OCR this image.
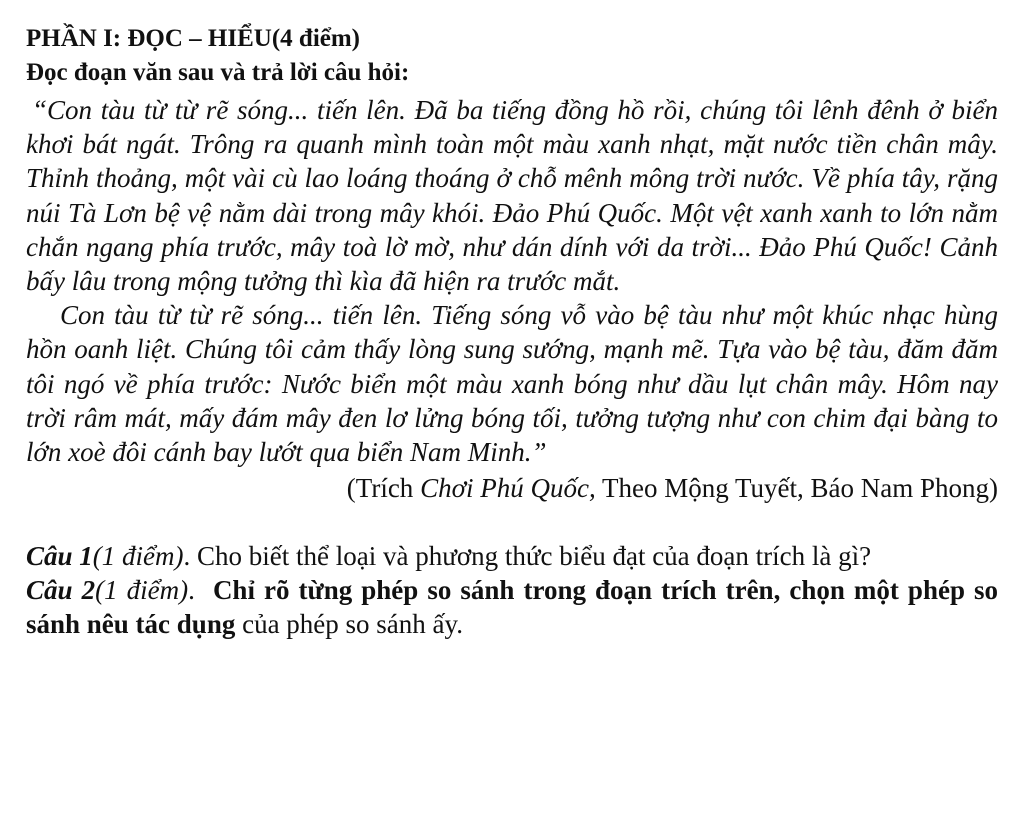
PHẦN I: ĐỌC – HIỂU(4 điểm)

Đọc đoạn văn sau và trả lời câu hỏi:

“Con tàu từ từ rẽ sóng... tiến lên. Đã ba tiếng đồng hồ rồi, chúng tôi lênh đênh ở biển khơi bát ngát. Trông ra quanh mình toàn một màu xanh nhạt, mặt nước tiền chân mây. Thỉnh thoảng, một vài cù lao loáng thoáng ở chỗ mênh mông trời nước. Về phía tây, rặng núi Tà Lơn bệ vệ nằm dài trong mây khói. Đảo Phú Quốc. Một vệt xanh xanh to lớn nằm chắn ngang phía trước, mây toà lờ mờ, như dán dính với da trời... Đảo Phú Quốc! Cảnh bấy lâu trong mộng tưởng thì kìa đã hiện ra trước mắt.

Con tàu từ từ rẽ sóng... tiến lên. Tiếng sóng vỗ vào bệ tàu như một khúc nhạc hùng hồn oanh liệt. Chúng tôi cảm thấy lòng sung sướng, mạnh mẽ. Tựa vào bệ tàu, đăm đăm tôi ngó về phía trước: Nước biển một màu xanh bóng như dầu lụt chân mây. Hôm nay trời râm mát, mấy đám mây đen lơ lửng bóng tối, tưởng tượng như con chim đại bàng to lớn xoè đôi cánh bay lướt qua biển Nam Minh.”

(Trích Chơi Phú Quốc, Theo Mộng Tuyết, Báo Nam Phong)

Câu 1(1 điểm). Cho biết thể loại và phương thức biểu đạt của đoạn trích là gì?

Câu 2(1 điểm).  Chỉ rõ từng phép so sánh trong đoạn trích trên, chọn một phép so sánh nêu tác dụng của phép so sánh ấy.
